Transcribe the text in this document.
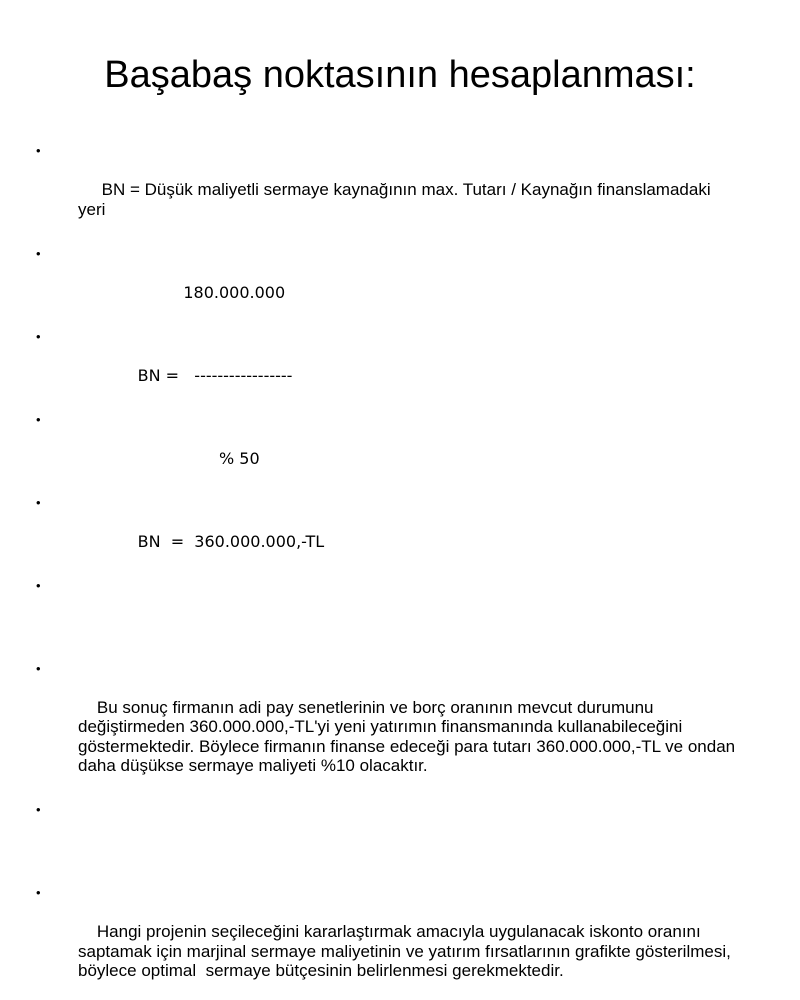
Başabaş noktasının hesaplanması:

•

BN = Düşük maliyetli sermaye kaynağının max. Tutarı / Kaynağın finanslamadaki yeri

•

180.000.000

•

BN =   -----------------

•

% 50

•

BN  =  360.000.000,-TL

•

•

Bu sonuç firmanın adi pay senetlerinin ve borç oranının mevcut durumunu değiştirmeden 360.000.000,-TL'yi yeni yatırımın finansmanında kullanabileceğini göstermektedir. Böylece firmanın finanse edeceği para tutarı 360.000.000,-TL ve ondan daha düşükse sermaye maliyeti %10 olacaktır.

•

•

Hangi projenin seçileceğini kararlaştırmak amacıyla uygulanacak iskonto oranını saptamak için marjinal sermaye maliyetinin ve yatırım fırsatlarının grafikte gösterilmesi, böylece optimal  sermaye bütçesinin belirlenmesi gerekmektedir.
